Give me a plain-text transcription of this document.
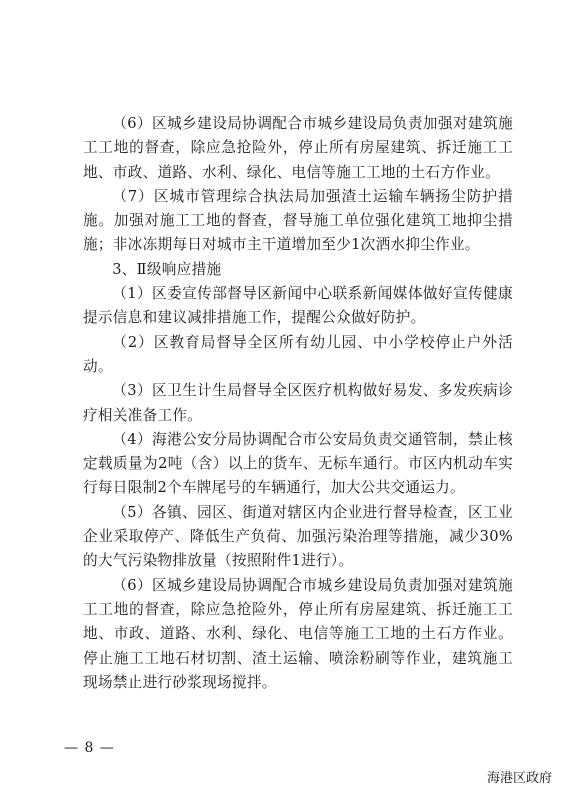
（6）区城乡建设局协调配合市城乡建设局负责加强对建筑施工工地的督查，除应急抢险外，停止所有房屋建筑、拆迁施工工地、市政、道路、水利、绿化、电信等施工工地的土石方作业。

（7）区城市管理综合执法局加强渣土运输车辆扬尘防护措施。加强对施工工地的督查，督导施工单位强化建筑工地抑尘措施；非冰冻期每日对城市主干道增加至少1次洒水抑尘作业。

3、Ⅱ级响应措施

（1）区委宣传部督导区新闻中心联系新闻媒体做好宣传健康提示信息和建议减排措施工作，提醒公众做好防护。

（2）区教育局督导全区所有幼儿园、中小学校停止户外活动。

（3）区卫生计生局督导全区医疗机构做好易发、多发疾病诊疗相关准备工作。

（4）海港公安分局协调配合市公安局负责交通管制，禁止核定载质量为2吨（含）以上的货车、无标车通行。市区内机动车实行每日限制2个车牌尾号的车辆通行，加大公共交通运力。

（5）各镇、园区、街道对辖区内企业进行督导检查，区工业企业采取停产、降低生产负荷、加强污染治理等措施，减少30%的大气污染物排放量（按照附件1进行）。

（6）区城乡建设局协调配合市城乡建设局负责加强对建筑施工工地的督查，除应急抢险外，停止所有房屋建筑、拆迁施工工地、市政、道路、水利、绿化、电信等施工工地的土石方作业。停止施工工地石材切割、渣土运输、喷涂粉刷等作业，建筑施工现场禁止进行砂浆现场搅拌。

— 8 —
海港区政府
